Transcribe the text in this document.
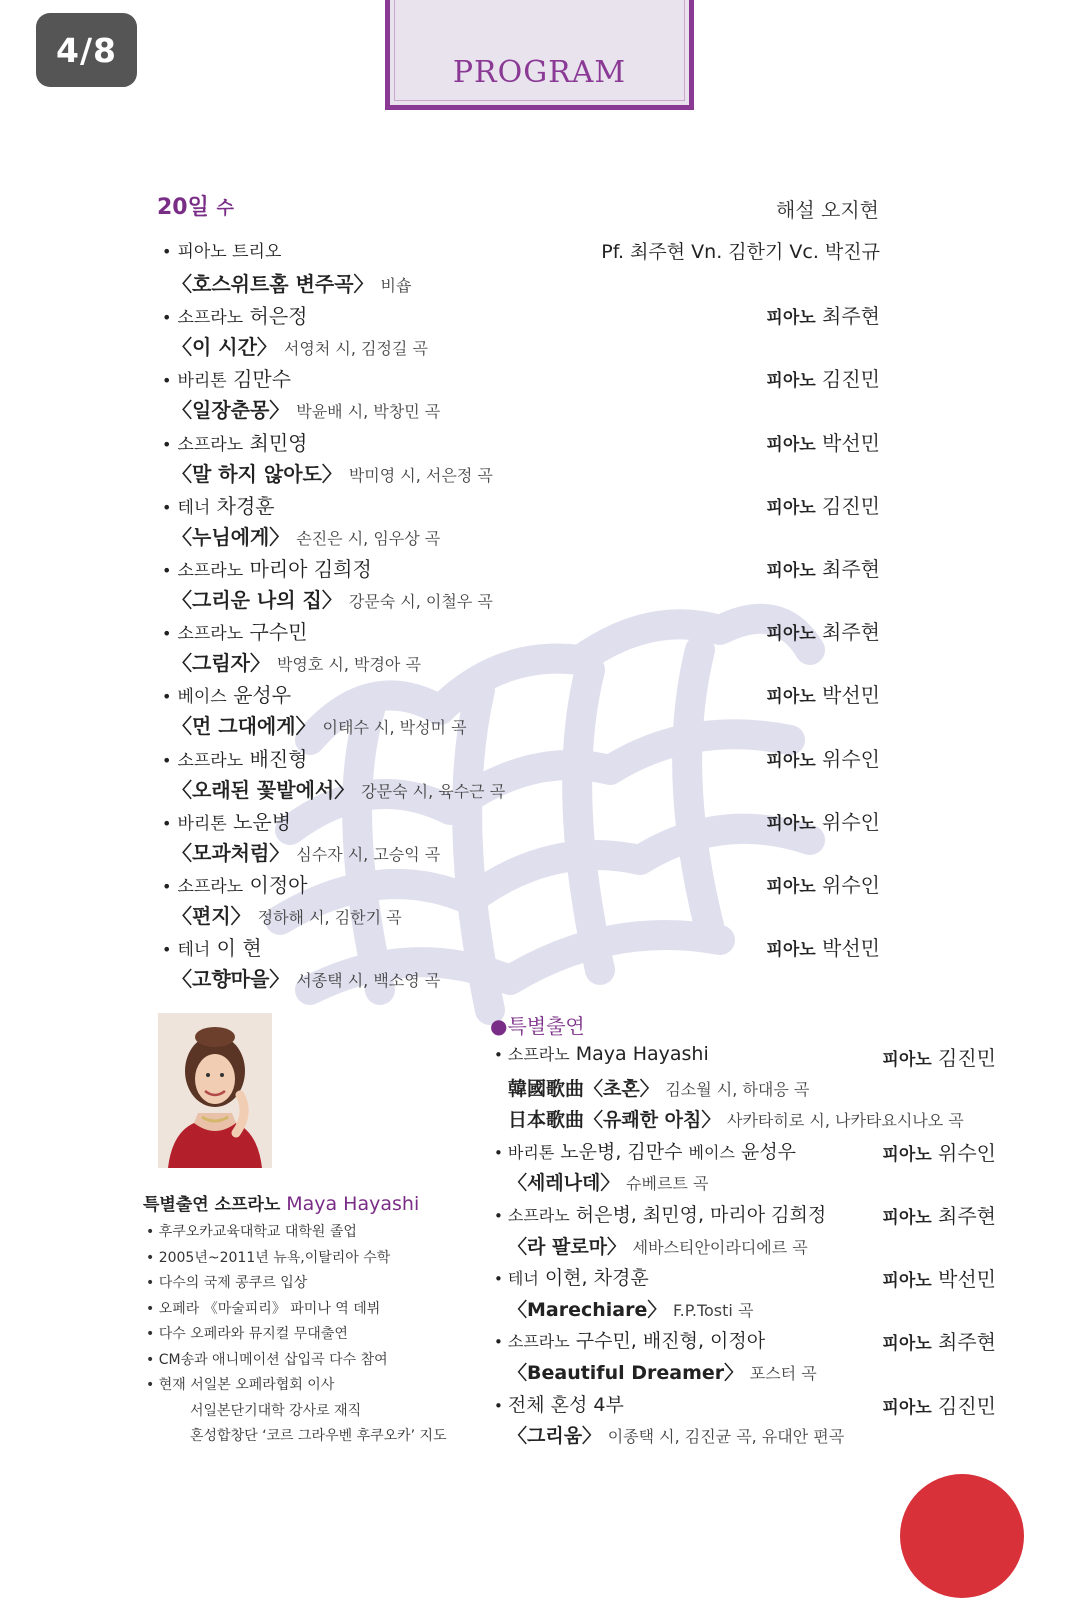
4/8
PROGRAM
20일 수	해설 오지현
• 피아노 트리오	Pf. 최주현 Vn. 김한기 Vc. 박진규
〈호스위트홈 변주곡〉 비숍
• 소프라노 허은정	피아노 최주현
〈이 시간〉 서영처 시, 김정길 곡
• 바리톤 김만수	피아노 김진민
〈일장춘몽〉 박윤배 시, 박창민 곡
• 소프라노 최민영	피아노 박선민
〈말 하지 않아도〉 박미영 시, 서은정 곡
• 테너 차경훈	피아노 김진민
〈누님에게〉 손진은 시, 임우상 곡
• 소프라노 마리아 김희정	피아노 최주현
〈그리운 나의 집〉 강문숙 시, 이철우 곡
• 소프라노 구수민	피아노 최주현
〈그림자〉 박영호 시, 박경아 곡
• 베이스 윤성우	피아노 박선민
〈먼 그대에게〉 이태수 시, 박성미 곡
• 소프라노 배진형	피아노 위수인
〈오래된 꽃밭에서〉 강문숙 시, 육수근 곡
• 바리톤 노운병	피아노 위수인
〈모과처럼〉 심수자 시, 고승익 곡
• 소프라노 이정아	피아노 위수인
〈편지〉 정하해 시, 김한기 곡
• 테너 이 현	피아노 박선민
〈고향마을〉 서종택 시, 백소영 곡
특별출연 소프라노 Maya Hayashi
• 후쿠오카교육대학교 대학원 졸업
• 2005년~2011년 뉴욕,이탈리아 수학
• 다수의 국제 콩쿠르 입상
• 오페라 《마술피리》 파미나 역 데뷔
• 다수 오페라와 뮤지컬 무대출연
• CM송과 애니메이션 삽입곡 다수 참여
• 현재 서일본 오페라협회 이사
서일본단기대학 강사로 재직
혼성합창단 ‘코르 그라우벤 후쿠오카’ 지도
●특별출연
• 소프라노 Maya Hayashi	피아노 김진민
韓國歌曲〈초혼〉 김소월 시, 하대응 곡
日本歌曲〈유쾌한 아침〉 사카타히로 시, 나카타요시나오 곡
• 바리톤 노운병, 김만수 베이스 윤성우	피아노 위수인
〈세레나데〉 슈베르트 곡
• 소프라노 허은병, 최민영, 마리아 김희정	피아노 최주현
〈라 팔로마〉 세바스티안이라디에르 곡
• 테너 이현, 차경훈	피아노 박선민
〈Marechiare〉 F.P.Tosti 곡
• 소프라노 구수민, 배진형, 이정아	피아노 최주현
〈Beautiful Dreamer〉 포스터 곡
• 전체 혼성 4부	피아노 김진민
〈그리움〉 이종택 시, 김진균 곡, 유대안 편곡
